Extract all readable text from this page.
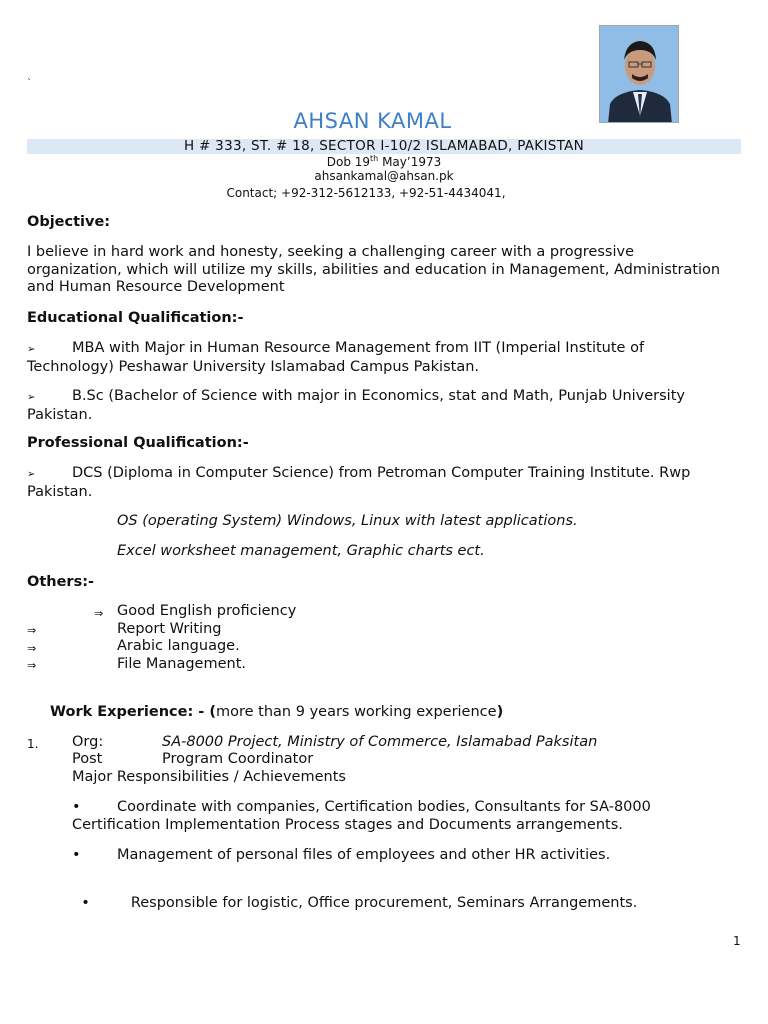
`
AHSAN KAMAL
H # 333, ST. # 18, SECTOR I-10/2 ISLAMABAD, PAKISTAN
Dob 19th May’1973
ahsankamal@ahsan.pk
Contact; +92-312-5612133, +92-51-4434041,
Objective:
I believe in hard work and honesty, seeking a challenging career with a progressive organization, which will utilize my skills, abilities and education in Management, Administration and Human Resource Development
Educational Qualification:-
➢	MBA with Major in Human Resource Management from IIT (Imperial Institute of Technology) Peshawar University Islamabad Campus Pakistan.
➢	B.Sc (Bachelor of Science with major in Economics, stat and Math, Punjab University Pakistan.
Professional Qualification:-
➢	DCS (Diploma in Computer Science) from Petroman Computer Training Institute. Rwp Pakistan.
OS (operating System) Windows, Linux with latest applications.
Excel worksheet management, Graphic charts ect.
Others:-
⇒ Good English proficiency
⇒	Report Writing
⇒	Arabic language.
⇒	File Management.
Work Experience: - (more than 9 years working experience)
1. Org:	SA-8000 Project, Ministry of Commerce, Islamabad Paksitan
Post	Program Coordinator
Major Responsibilities / Achievements
•	Coordinate with companies, Certification bodies, Consultants for SA-8000 Certification Implementation Process stages and Documents arrangements.
•	Management of personal files of employees and other HR activities.

•	Responsible for logistic, Office procurement, Seminars Arrangements.

1
